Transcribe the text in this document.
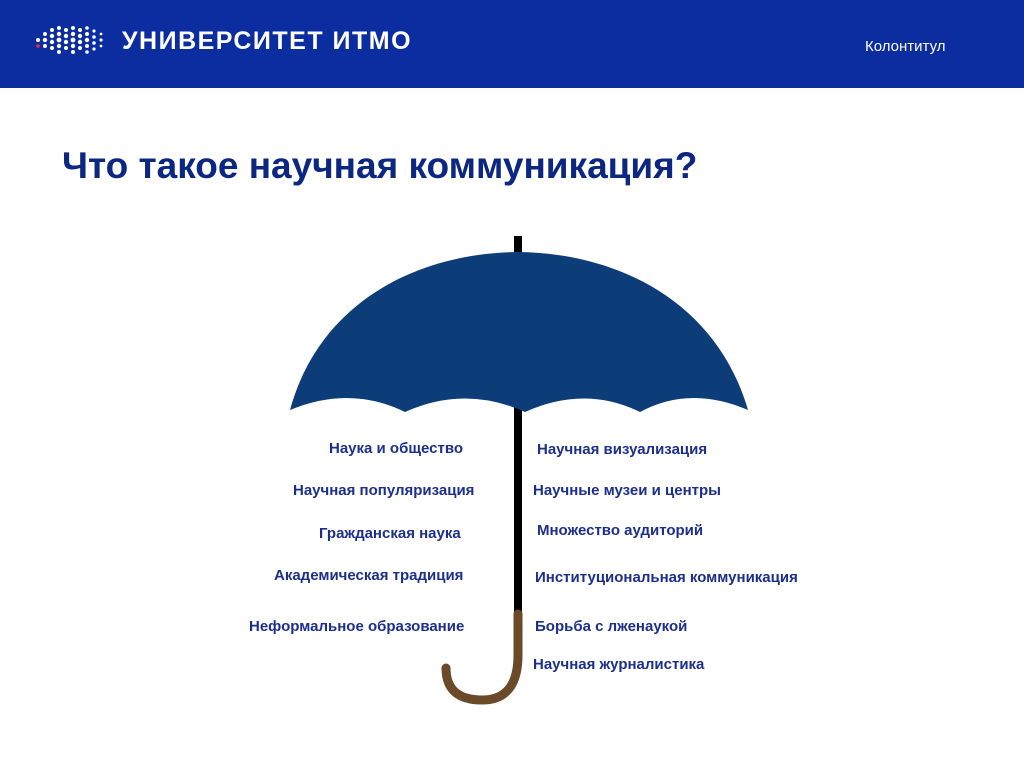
УНИВЕРСИТЕТ ИТМО	Колонтитул
Что такое научная коммуникация?

Наука и общество

Научная популяризация

Гражданская наука

Академическая традиция

Неформальное образование

Научная визуализация

Научные музеи и центры

Множество аудиторий

Институциональная коммуникация

Борьба с лженаукой

Научная журналистика
